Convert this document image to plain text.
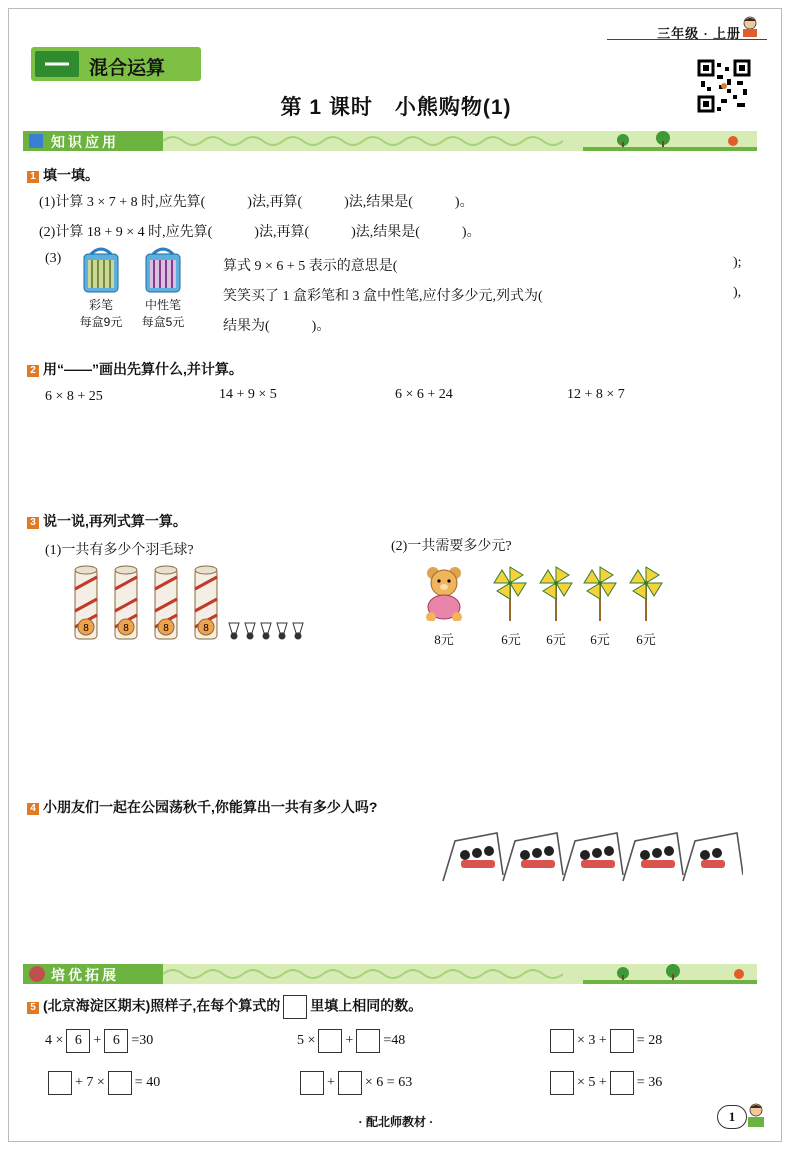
三年级 · 上册
混合运算
第 1 课时　小熊购物(1)
知识应用
1 填一填。
(1)计算 3 × 7 + 8 时,应先算(　　　)法,再算(　　　)法,结果是(　　　)。
(2)计算 18 + 9 × 4 时,应先算(　　　)法,再算(　　　)法,结果是(　　　)。
(3)
彩笔
每盒9元
中性笔
每盒5元
算式 9 × 6 + 5 表示的意思是(	);
笑笑买了 1 盒彩笔和 3 盒中性笔,应付多少元,列式为(	),
结果为(　　　)。
2 用“——”画出先算什么,并计算。
6 × 8 + 25	14 + 9 × 5	6 × 6 + 24	12 + 8 × 7
3 说一说,再列式算一算。
(1)一共有多少个羽毛球?	(2)一共需要多少元?
8	8	8	8
8元	6元	6元	6元	6元
4 小朋友们一起在公园荡秋千,你能算出一共有多少人吗?
培优拓展
5 (北京海淀区期末)照样子,在每个算式的 里填上相同的数。
4 × 6 + 6 =30	5 × + =48	× 3 + = 28
+ 7 × = 40	+ × 6 = 63	× 5 + = 36
· 配北师教材 ·	1
